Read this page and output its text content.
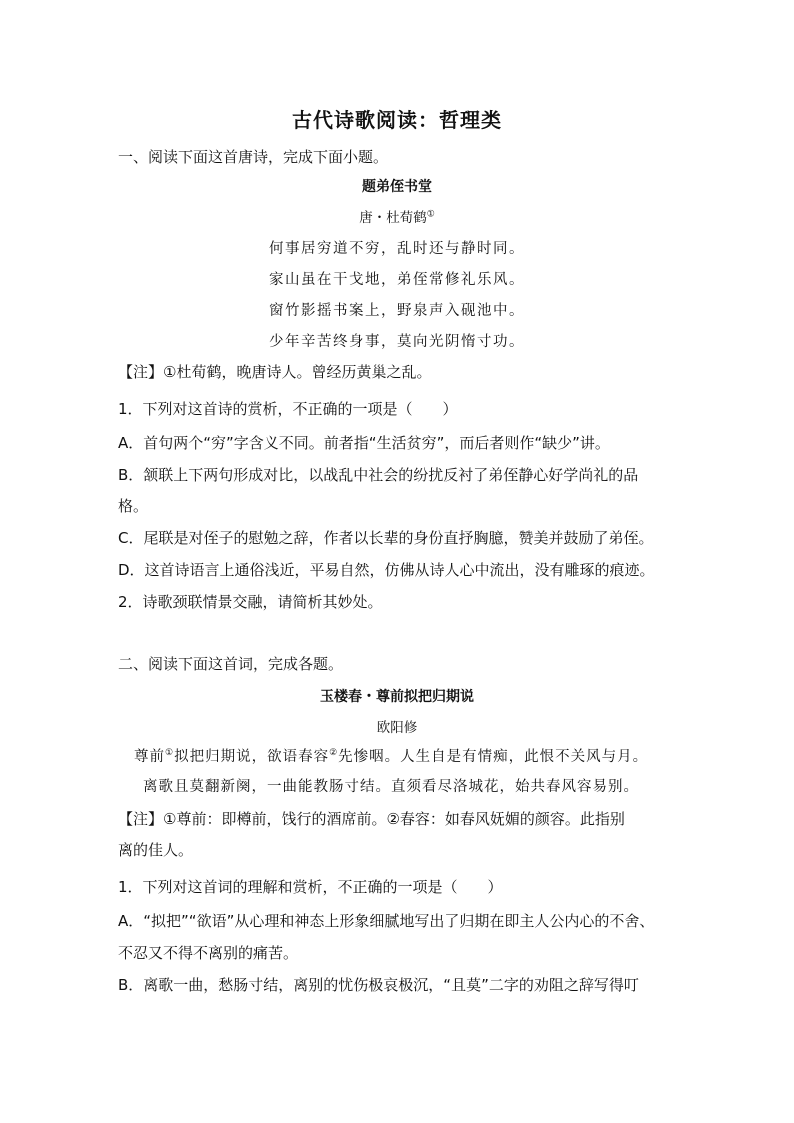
古代诗歌阅读：哲理类
一、阅读下面这首唐诗，完成下面小题。
题弟侄书堂
唐・杜荀鹤①
何事居穷道不穷，乱时还与静时同。
家山虽在干戈地，弟侄常修礼乐风。
窗竹影摇书案上，野泉声入砚池中。
少年辛苦终身事，莫向光阴惰寸功。
【注】①杜荀鹤，晚唐诗人。曾经历黄巢之乱。
1．下列对这首诗的赏析，不正确的一项是（　　）
A．首句两个“穷”字含义不同。前者指“生活贫穷”，而后者则作“缺少”讲。
B．颔联上下两句形成对比，以战乱中社会的纷扰反衬了弟侄静心好学尚礼的品
格。
C．尾联是对侄子的慰勉之辞，作者以长辈的身份直抒胸臆，赞美并鼓励了弟侄。
D．这首诗语言上通俗浅近，平易自然，仿佛从诗人心中流出，没有雕琢的痕迹。
2．诗歌颈联情景交融，请简析其妙处。
二、阅读下面这首词，完成各题。
玉楼春・尊前拟把归期说
欧阳修
尊前①拟把归期说，欲语春容②先惨咽。人生自是有情痴，此恨不关风与月。
离歌且莫翻新阕，一曲能教肠寸结。直须看尽洛城花，始共春风容易别。
【注】①尊前：即樽前，饯行的酒席前。②春容：如春风妩媚的颜容。此指别
离的佳人。
1．下列对这首词的理解和赏析，不正确的一项是（　　）
A．“拟把”“欲语”从心理和神态上形象细腻地写出了归期在即主人公内心的不舍、
不忍又不得不离别的痛苦。
B．离歌一曲，愁肠寸结，离别的忧伤极哀极沉，“且莫”二字的劝阻之辞写得叮
